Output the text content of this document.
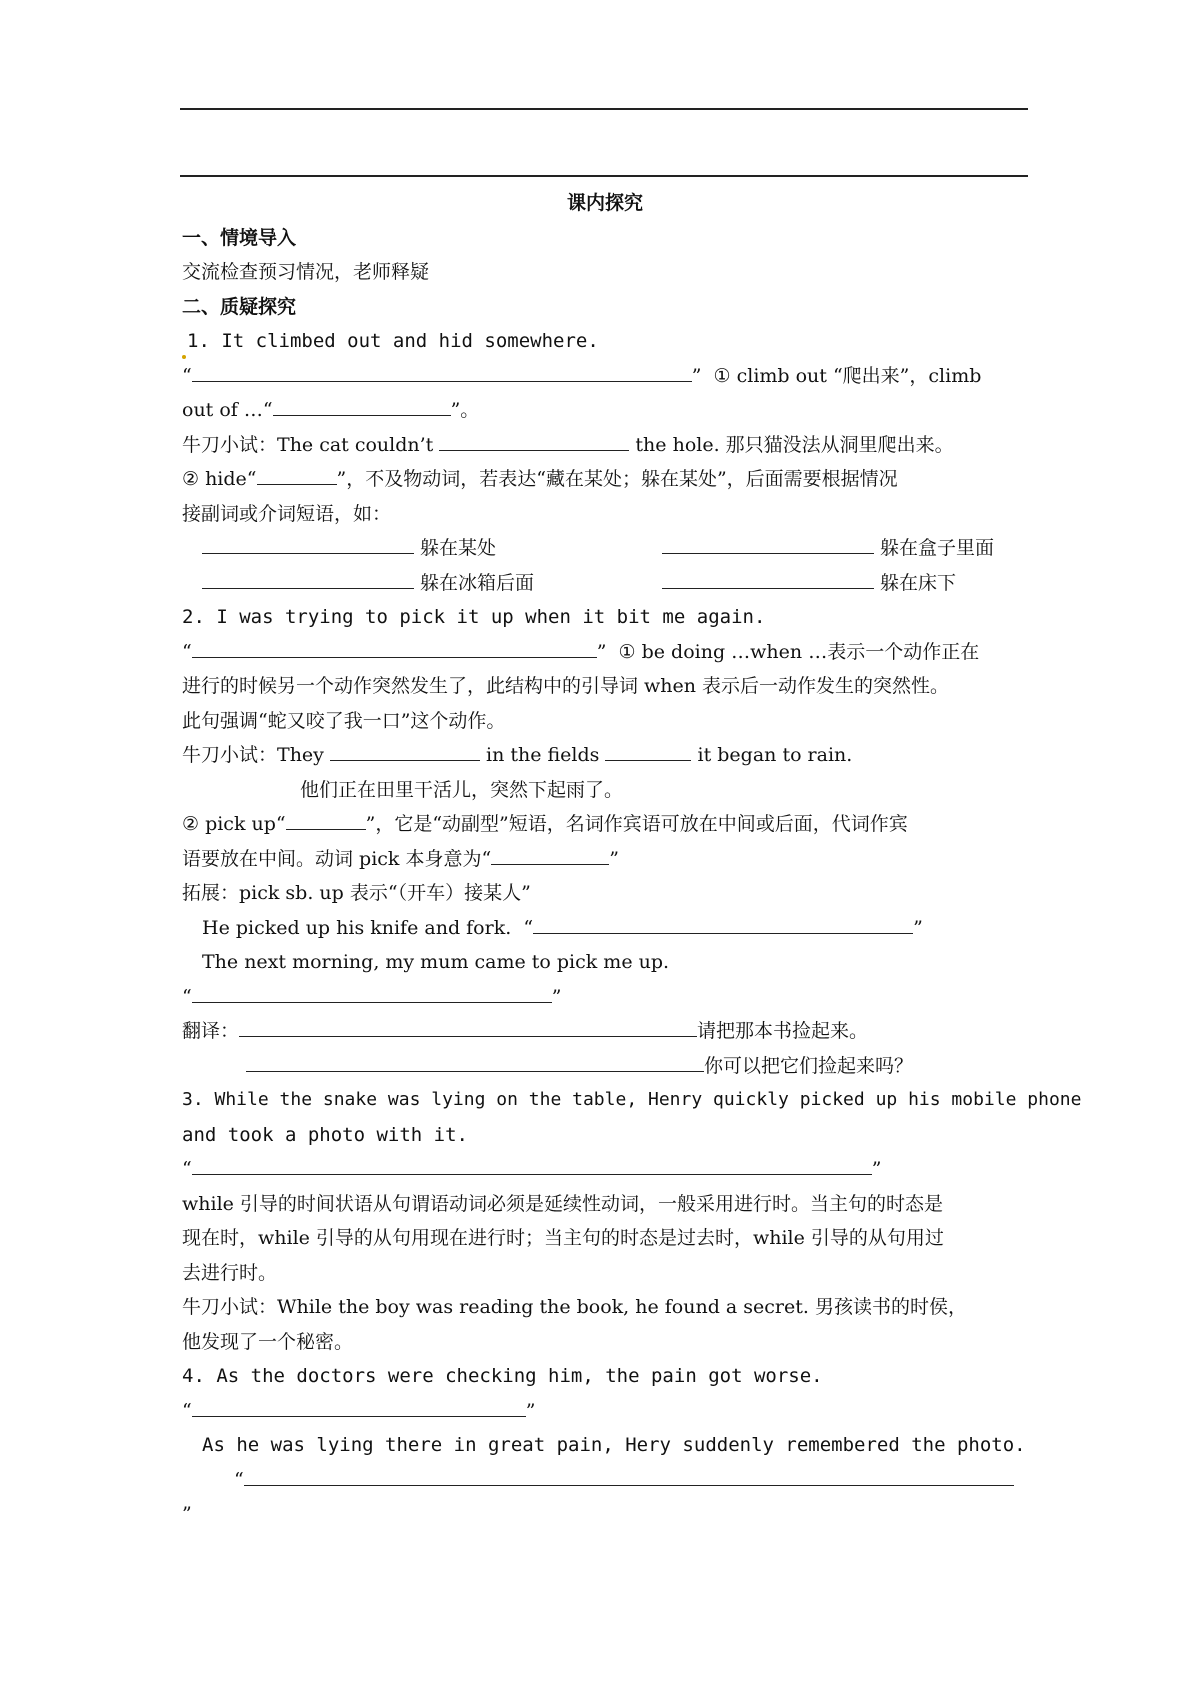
课内探究
一、情境导入
交流检查预习情况，老师释疑
二、质疑探究
1. It climbed out and hid somewhere.
“	” ① climb out “爬出来”，climb
out of …“	”。
牛刀小试：The cat couldn’t	the hole. 那只猫没法从洞里爬出来。
② hide“	”，不及物动词，若表达“藏在某处；躲在某处”，后面需要根据情况
接副词或介词短语，如：
躲在某处	躲在盒子里面
躲在冰箱后面	躲在床下
2. I was trying to pick it up when it bit me again.
“	” ① be doing …when …表示一个动作正在
进行的时候另一个动作突然发生了，此结构中的引导词 when 表示后一动作发生的突然性。
此句强调“蛇又咬了我一口”这个动作。
牛刀小试：They	in the fields	it began to rain.
他们正在田里干活儿，突然下起雨了。
② pick up“	”，它是“动副型”短语，名词作宾语可放在中间或后面，代词作宾
语要放在中间。动词 pick 本身意为“	”
拓展：pick sb. up 表示“（开车）接某人”
He picked up his knife and fork. “	”
The next morning, my mum came to pick me up.
“	”
翻译：	请把那本书捡起来。
你可以把它们捡起来吗？
3. While the snake was lying on the table, Henry quickly picked up his mobile phone
and took a photo with it.
“	”
while 引导的时间状语从句谓语动词必须是延续性动词，一般采用进行时。当主句的时态是
现在时，while 引导的从句用现在进行时；当主句的时态是过去时，while 引导的从句用过
去进行时。
牛刀小试：While the boy was reading the book, he found a secret. 男孩读书的时侯，
他发现了一个秘密。
4. As the doctors were checking him, the pain got worse.
“	”
As he was lying there in great pain, Hery suddenly remembered the photo.
“
”
